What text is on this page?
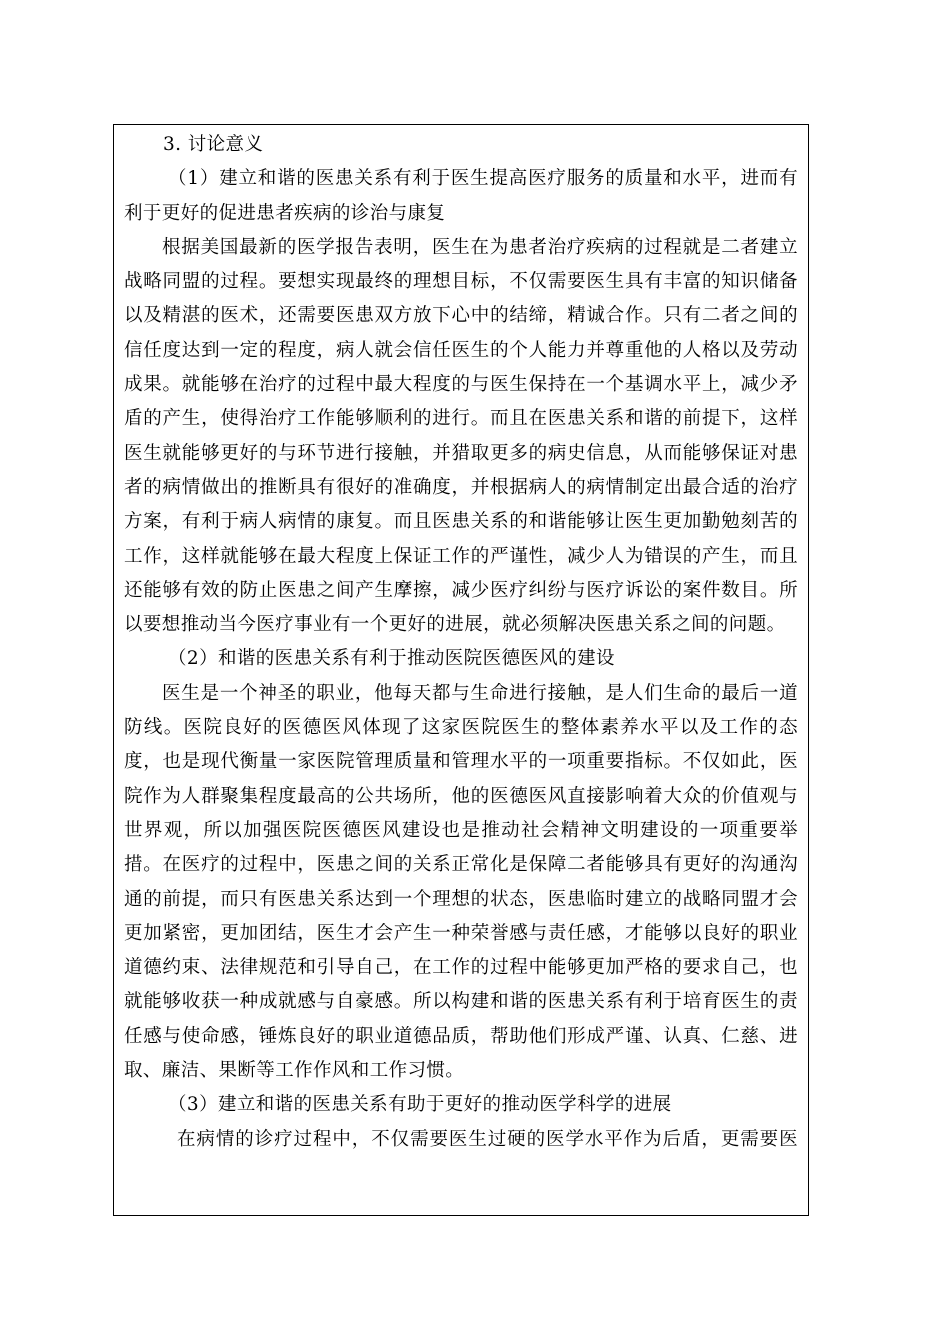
3. 讨论意义
（1）建立和谐的医患关系有利于医生提高医疗服务的质量和水平，进而有
利于更好的促进患者疾病的诊治与康复
根据美国最新的医学报告表明，医生在为患者治疗疾病的过程就是二者建立
战略同盟的过程。要想实现最终的理想目标，不仅需要医生具有丰富的知识储备
以及精湛的医术，还需要医患双方放下心中的结缔，精诚合作。只有二者之间的
信任度达到一定的程度，病人就会信任医生的个人能力并尊重他的人格以及劳动
成果。就能够在治疗的过程中最大程度的与医生保持在一个基调水平上，减少矛
盾的产生，使得治疗工作能够顺利的进行。而且在医患关系和谐的前提下，这样
医生就能够更好的与环节进行接触，并猎取更多的病史信息，从而能够保证对患
者的病情做出的推断具有很好的准确度，并根据病人的病情制定出最合适的治疗
方案，有利于病人病情的康复。而且医患关系的和谐能够让医生更加勤勉刻苦的
工作，这样就能够在最大程度上保证工作的严谨性，减少人为错误的产生，而且
还能够有效的防止医患之间产生摩擦，减少医疗纠纷与医疗诉讼的案件数目。所
以要想推动当今医疗事业有一个更好的进展，就必须解决医患关系之间的问题。
（2）和谐的医患关系有利于推动医院医德医风的建设
医生是一个神圣的职业，他每天都与生命进行接触，是人们生命的最后一道
防线。医院良好的医德医风体现了这家医院医生的整体素养水平以及工作的态
度，也是现代衡量一家医院管理质量和管理水平的一项重要指标。不仅如此，医
院作为人群聚集程度最高的公共场所，他的医德医风直接影响着大众的价值观与
世界观，所以加强医院医德医风建设也是推动社会精神文明建设的一项重要举
措。在医疗的过程中，医患之间的关系正常化是保障二者能够具有更好的沟通沟
通的前提，而只有医患关系达到一个理想的状态，医患临时建立的战略同盟才会
更加紧密，更加团结，医生才会产生一种荣誉感与责任感，才能够以良好的职业
道德约束、法律规范和引导自己，在工作的过程中能够更加严格的要求自己，也
就能够收获一种成就感与自豪感。所以构建和谐的医患关系有利于培育医生的责
任感与使命感，锤炼良好的职业道德品质，帮助他们形成严谨、认真、仁慈、进
取、廉洁、果断等工作作风和工作习惯。
（3）建立和谐的医患关系有助于更好的推动医学科学的进展
在病情的诊疗过程中，不仅需要医生过硬的医学水平作为后盾，更需要医
